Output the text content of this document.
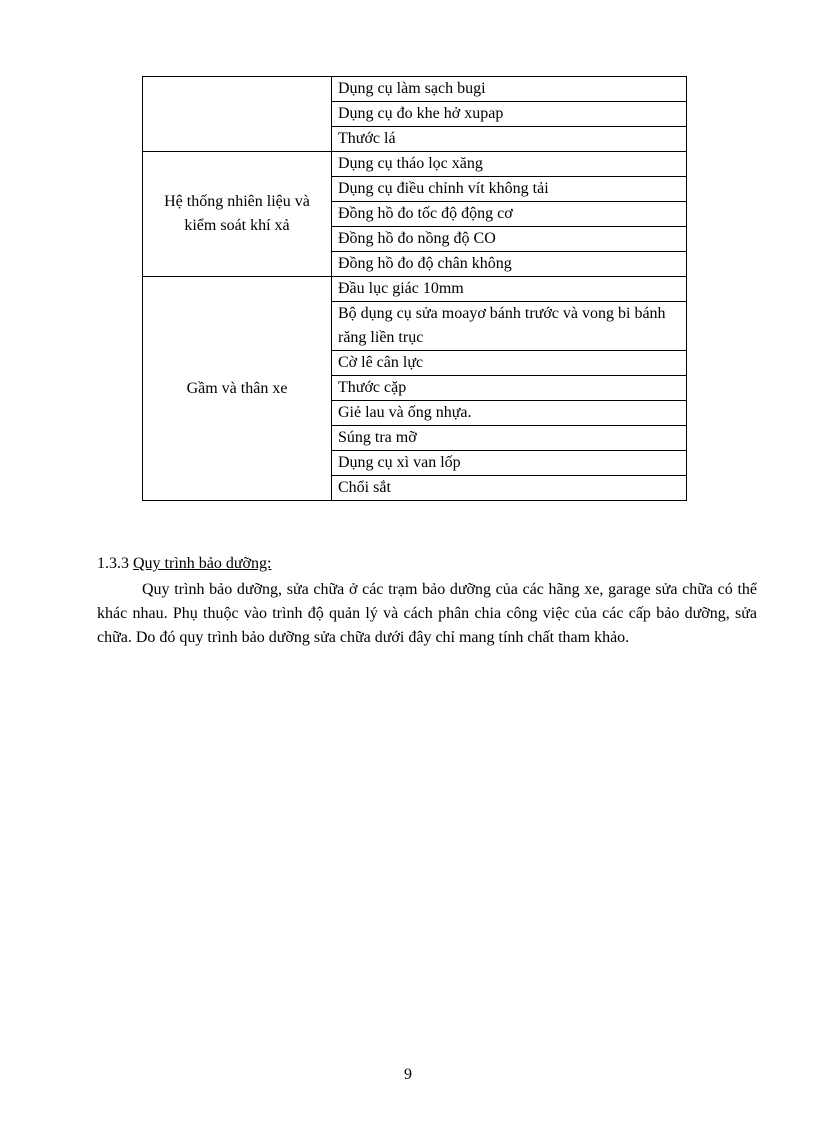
	Dụng cụ làm sạch bugi
	Dụng cụ đo khe hở xupap
	Thước lá
Hệ thống nhiên liệu và kiểm soát khí xả	Dụng cụ tháo lọc xăng
	Dụng cụ điều chỉnh vít không tải
	Đồng hồ đo tốc độ động cơ
	Đồng hồ đo nồng độ CO
	Đồng hồ đo độ chân không
Gầm và thân xe	Đầu lục giác 10mm
	Bộ dụng cụ sửa moayơ bánh trước và vong bi bánh răng liền trục
	Cờ lê cân lực
	Thước cặp
	Giẻ lau và ống nhựa.
	Súng tra mỡ
	Dụng cụ xì van lốp
	Chổi sắt
1.3.3 Quy trình bảo dưỡng:
Quy trình bảo dưỡng, sửa chữa ở các trạm bảo dưỡng của các hãng xe, garage sửa chữa có thể khác nhau. Phụ thuộc vào trình độ quản lý và cách phân chia công việc của các cấp bảo dưỡng, sửa chữa. Do đó quy trình bảo dưỡng sửa chữa dưới đây chỉ mang tính chất tham khảo.
9
